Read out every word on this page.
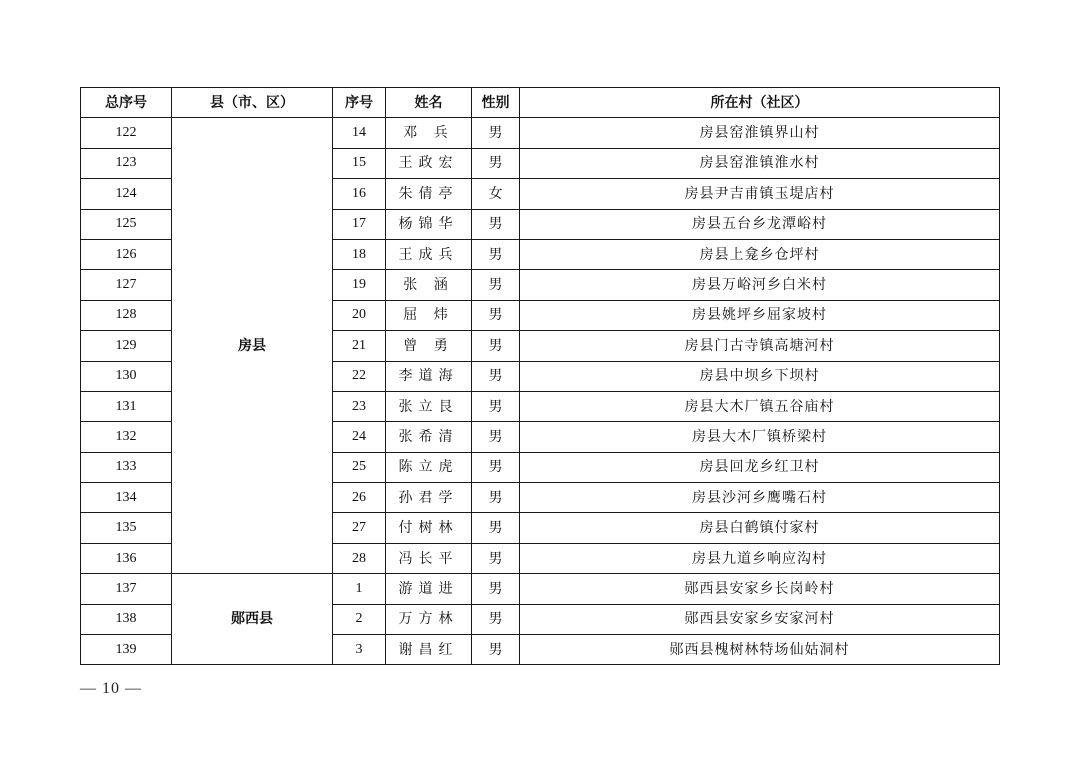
总序号	县（市、区）	序号	姓名	性别	所在村（社区）
122	房县	14	邓 兵	男	房县窑淮镇界山村
123		15	王政宏	男	房县窑淮镇淮水村
124		16	朱倩亭	女	房县尹吉甫镇玉堤店村
125		17	杨锦华	男	房县五台乡龙潭峪村
126		18	王成兵	男	房县上龛乡仓坪村
127		19	张 涵	男	房县万峪河乡白米村
128		20	屈 炜	男	房县姚坪乡屈家坡村
129		21	曾 勇	男	房县门古寺镇高塘河村
130		22	李道海	男	房县中坝乡下坝村
131		23	张立艮	男	房县大木厂镇五谷庙村
132		24	张希清	男	房县大木厂镇桥梁村
133		25	陈立虎	男	房县回龙乡红卫村
134		26	孙君学	男	房县沙河乡鹰嘴石村
135		27	付树林	男	房县白鹤镇付家村
136		28	冯长平	男	房县九道乡响应沟村
137	郧西县	1	游道进	男	郧西县安家乡长岗岭村
138		2	万方林	男	郧西县安家乡安家河村
139		3	谢昌红	男	郧西县槐树林特场仙姑洞村
— 10 —
